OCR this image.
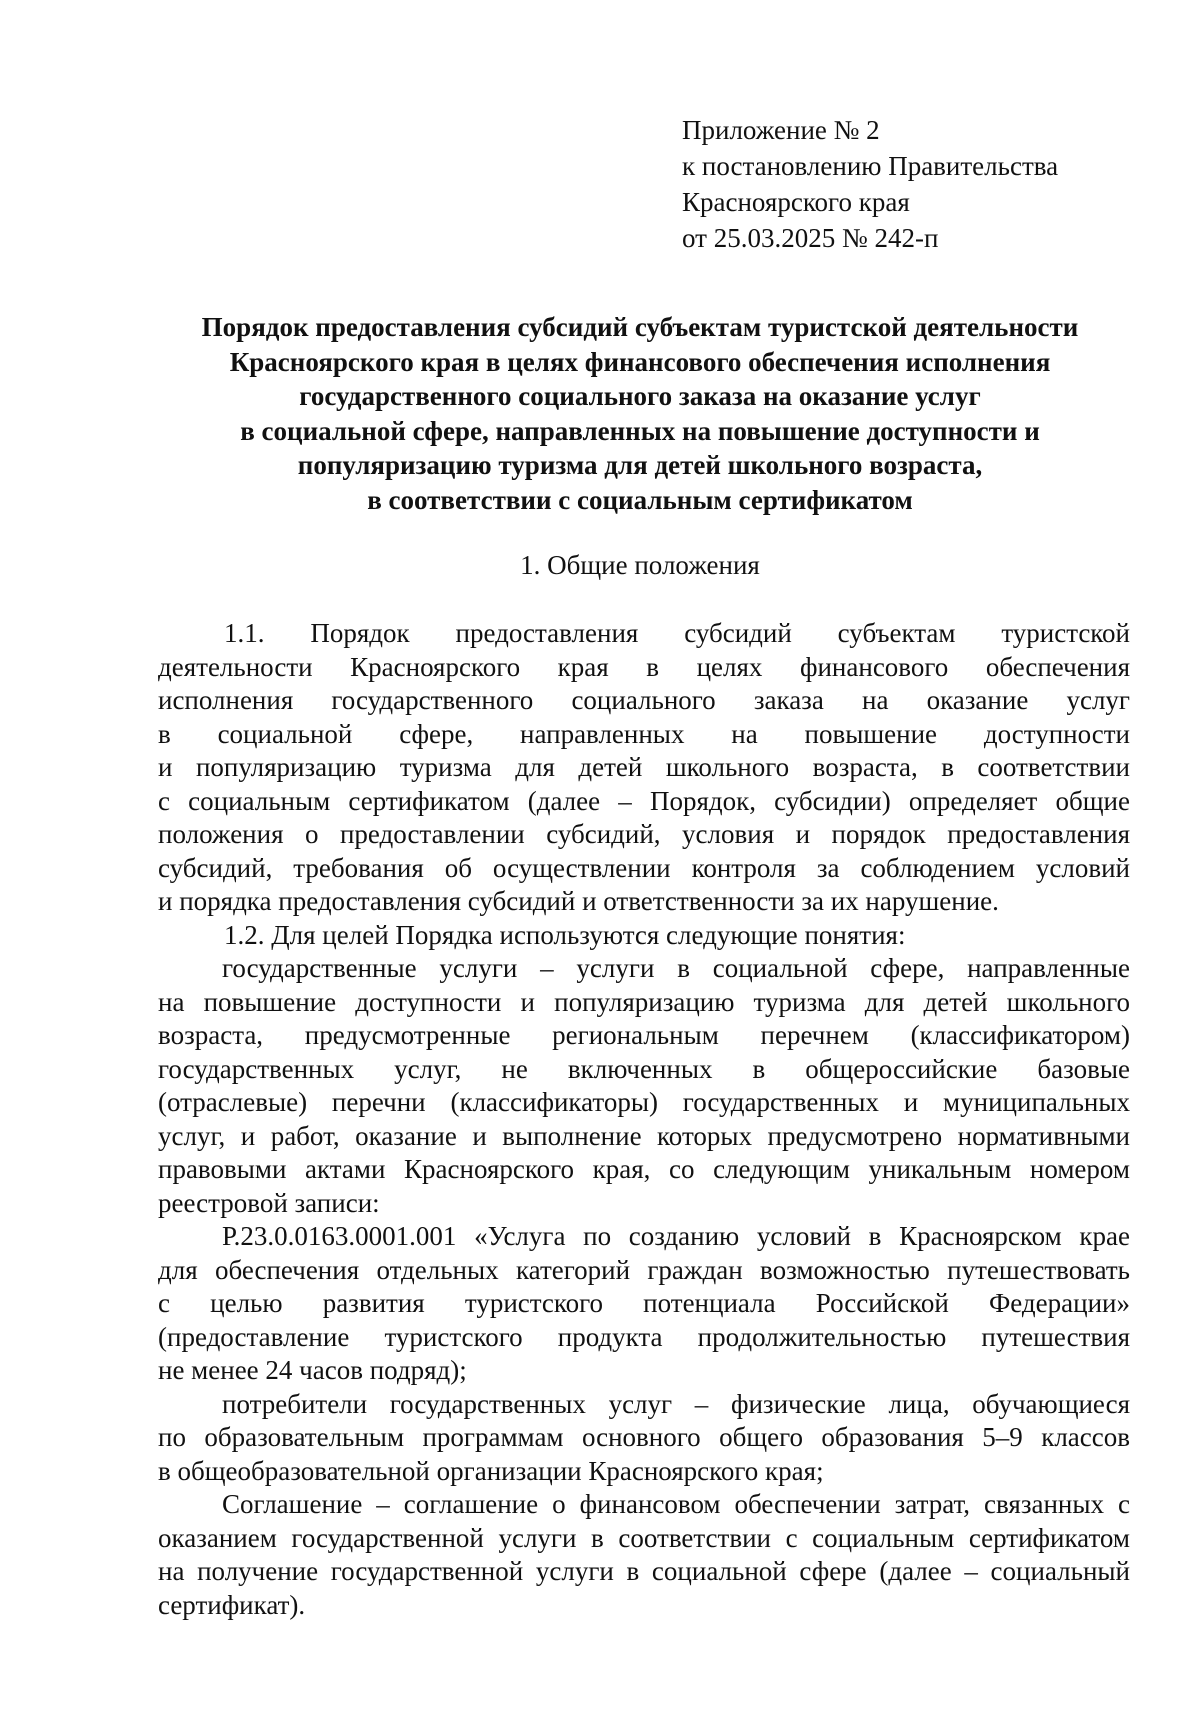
Приложение № 2
к постановлению Правительства
Красноярского края
от 25.03.2025 № 242-п
Порядок предоставления субсидий субъектам туристской деятельности
Красноярского края в целях финансового обеспечения исполнения
государственного социального заказа на оказание услуг
в социальной сфере, направленных на повышение доступности и
популяризацию туризма для детей школьного возраста,
в соответствии с социальным сертификатом
1. Общие положения
1.1. Порядок предоставления субсидий субъектам туристской
деятельности Красноярского края в целях финансового обеспечения
исполнения государственного социального заказа на оказание услуг
в социальной сфере, направленных на повышение доступности
и популяризацию туризма для детей школьного возраста, в соответствии
с социальным сертификатом (далее – Порядок, субсидии) определяет общие
положения о предоставлении субсидий, условия и порядок предоставления
субсидий, требования об осуществлении контроля за соблюдением условий
и порядка предоставления субсидий и ответственности за их нарушение.
1.2. Для целей Порядка используются следующие понятия:
государственные услуги – услуги в социальной сфере, направленные
на повышение доступности и популяризацию туризма для детей школьного
возраста, предусмотренные региональным перечнем (классификатором)
государственных услуг, не включенных в общероссийские базовые
(отраслевые) перечни (классификаторы) государственных и муниципальных
услуг, и работ, оказание и выполнение которых предусмотрено нормативными
правовыми актами Красноярского края, со следующим уникальным номером
реестровой записи:
Р.23.0.0163.0001.001 «Услуга по созданию условий в Красноярском крае
для обеспечения отдельных категорий граждан возможностью путешествовать
с целью развития туристского потенциала Российской Федерации»
(предоставление туристского продукта продолжительностью путешествия
не менее 24 часов подряд);
потребители государственных услуг – физические лица, обучающиеся
по образовательным программам основного общего образования 5–9 классов
в общеобразовательной организации Красноярского края;
Соглашение – соглашение о финансовом обеспечении затрат, связанных с
оказанием государственной услуги в соответствии с социальным сертификатом
на получение государственной услуги в социальной сфере (далее – социальный
сертификат).
